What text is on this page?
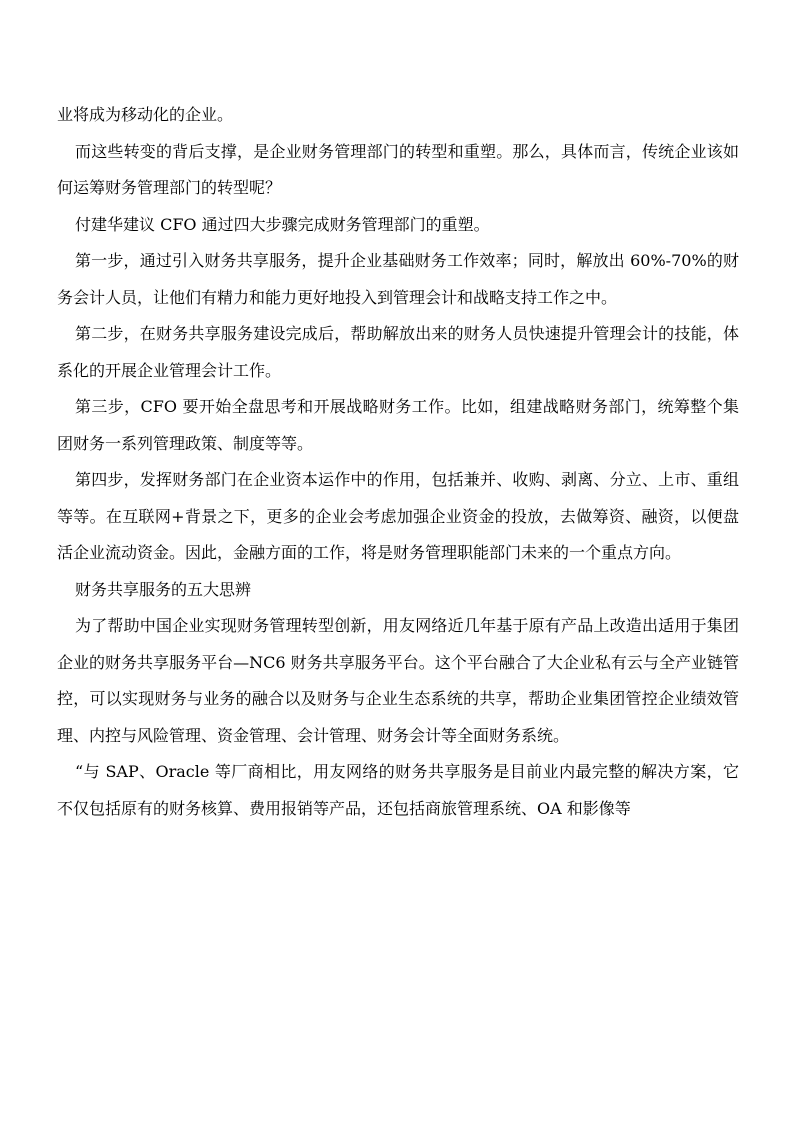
业将成为移动化的企业。

而这些转变的背后支撑，是企业财务管理部门的转型和重塑。那么，具体而言，传统企业该如何运筹财务管理部门的转型呢？

付建华建议 CFO 通过四大步骤完成财务管理部门的重塑。

第一步，通过引入财务共享服务，提升企业基础财务工作效率；同时，解放出 60%-70%的财务会计人员，让他们有精力和能力更好地投入到管理会计和战略支持工作之中。

第二步，在财务共享服务建设完成后，帮助解放出来的财务人员快速提升管理会计的技能，体系化的开展企业管理会计工作。

第三步，CFO 要开始全盘思考和开展战略财务工作。比如，组建战略财务部门，统筹整个集团财务一系列管理政策、制度等等。

第四步，发挥财务部门在企业资本运作中的作用，包括兼并、收购、剥离、分立、上市、重组等等。在互联网+背景之下，更多的企业会考虑加强企业资金的投放，去做筹资、融资，以便盘活企业流动资金。因此，金融方面的工作，将是财务管理职能部门未来的一个重点方向。

财务共享服务的五大思辨

为了帮助中国企业实现财务管理转型创新，用友网络近几年基于原有产品上改造出适用于集团企业的财务共享服务平台—NC6 财务共享服务平台。这个平台融合了大企业私有云与全产业链管控，可以实现财务与业务的融合以及财务与企业生态系统的共享，帮助企业集团管控企业绩效管理、内控与风险管理、资金管理、会计管理、财务会计等全面财务系统。

“与 SAP、Oracle 等厂商相比，用友网络的财务共享服务是目前业内最完整的解决方案，它不仅包括原有的财务核算、费用报销等产品，还包括商旅管理系统、OA 和影像等
